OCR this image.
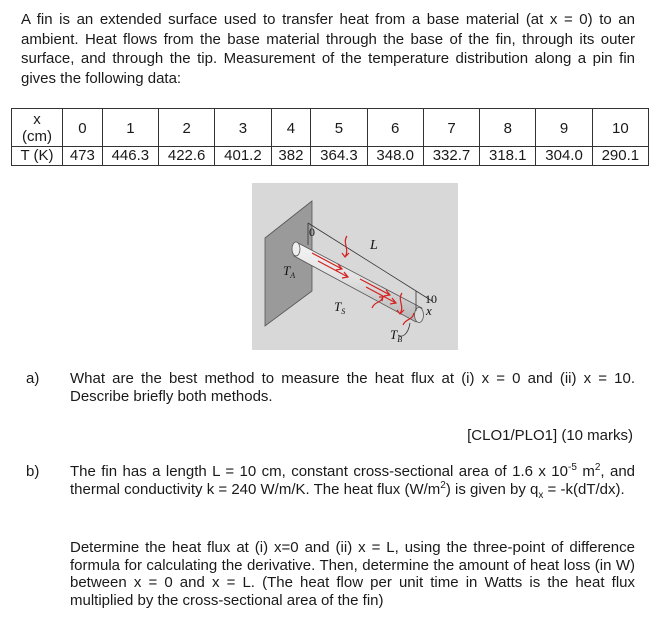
A fin is an extended surface used to transfer heat from a base material (at x = 0) to an ambient. Heat flows from the base material through the base of the fin, through its outer surface, and through the tip. Measurement of the temperature distribution along a pin fin gives the following data:
x
(cm)	0	1	2	3	4	5	6	7	8	9	10
T (K)	473	446.3	422.6	401.2	382	364.3	348.0	332.7	318.1	304.0	290.1
0
L
$T_A$
$T_S$
10
x
$T_B$
a) What are the best method to measure the heat flux at (i) x = 0 and (ii) x = 10. Describe briefly both methods.
[CLO1/PLO1] (10 marks)
b) The fin has a length L = 10 cm, constant cross-sectional area of 1.6 x $10^{-5}$ $m^2$, and thermal conductivity k = 240 W/m/K. The heat flux $(W/m^2)$ is given by $q_x = -k(dT/dx)$.
Determine the heat flux at (i) x=0 and (ii) x = L, using the three-point of difference formula for calculating the derivative. Then, determine the amount of heat loss (in W) between x = 0 and x = L. (The heat flow per unit time in Watts is the heat flux multiplied by the cross-sectional area of the fin)
